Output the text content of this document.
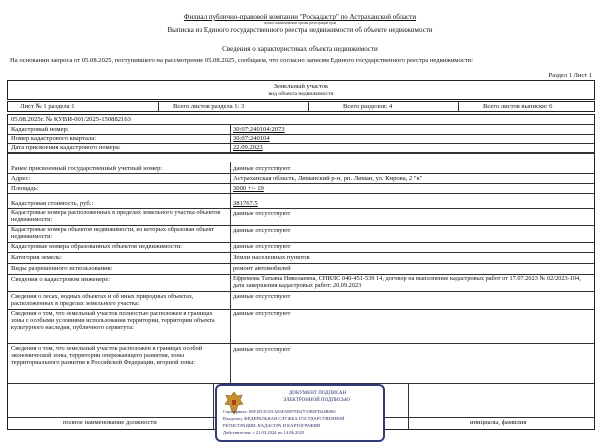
Филиал публично-правовой компании "Роскадастр" по Астраханской области
полное наименование органа регистрации прав
Выписка из Единого государственного реестра недвижимости об объекте недвижимости
Сведения о характеристиках объекта недвижимости
На основании запроса от 05.08.2025, поступившего на рассмотрение 05.08.2025, сообщаем, что согласно записям Единого государственного реестра недвижимости:
Раздел 1 Лист 1
Земельный участок
вид объекта недвижимости
Лист № 1 раздела 1	Всего листов раздела 1: 3	Всего разделов: 4	Всего листов выписки: 6
05.08.2025г. № КУВИ-001/2025-150882163
Кадастровый номер:	30:07:240104:2073
Номер кадастрового квартала:	30:07:240104
Дата присвоения кадастрового номера:	22.09.2023
Ранее присвоенный государственный учетный номер:	данные отсутствуют
Адрес:	Астраханская область, Лиманский р-н, рп. Лиман, ул. Кирова, 2 "к"
Площадь:	3000 +/- 19
Кадастровая стоимость, руб.:	381767.5
Кадастровые номера расположенных в пределах земельного участка объектов недвижимости:
данные отсутствуют
Кадастровые номера объектов недвижимости, из которых образован объект недвижимости:
данные отсутствуют
Кадастровые номера образованных объектов недвижимости:	данные отсутствуют
Категория земель:	Земли населенных пунктов
Виды разрешенного использования:	ремонт автомобилей
Сведения о кадастровом инженере:	Ефремова Татьяна Николаевна, СНИЛС 040-451-539 14, договор на выполнение кадастровых работ от 17.07.2023 № 02/2023-104, дата завершения кадастровых работ: 20.09.2023
Сведения о лесах, водных объектах и об иных природных объектах, расположенных в пределах земельного участка:
данные отсутствуют
Сведения о том, что земельный участок полностью расположен в границах зоны с особыми условиями использования территории, территории объекта культурного наследия, публичного сервитута:
данные отсутствуют
Сведения о том, что земельный участок расположен в границах особой экономической зоны, территории опережающего развития, зоны территориального развития в Российской Федерации, игорной зоны:
данные отсутствуют
полное наименование должности	инициалы, фамилия
ДОКУМЕНТ ПОДПИСАН
ЭЛЕКТРОННОЙ ПОДПИСЬЮ
Сертификат: 00F1ECE101A03FA8879D47C0B5FD24B060
Владелец: ФЕДЕРАЛЬНАЯ СЛУЖБА ГОСУДАРСТВЕННОЙ
РЕГИСТРАЦИИ, КАДАСТРА И КАРТОГРАФИИ
Действителен: с 21.03.2024 по 14.06.2025
